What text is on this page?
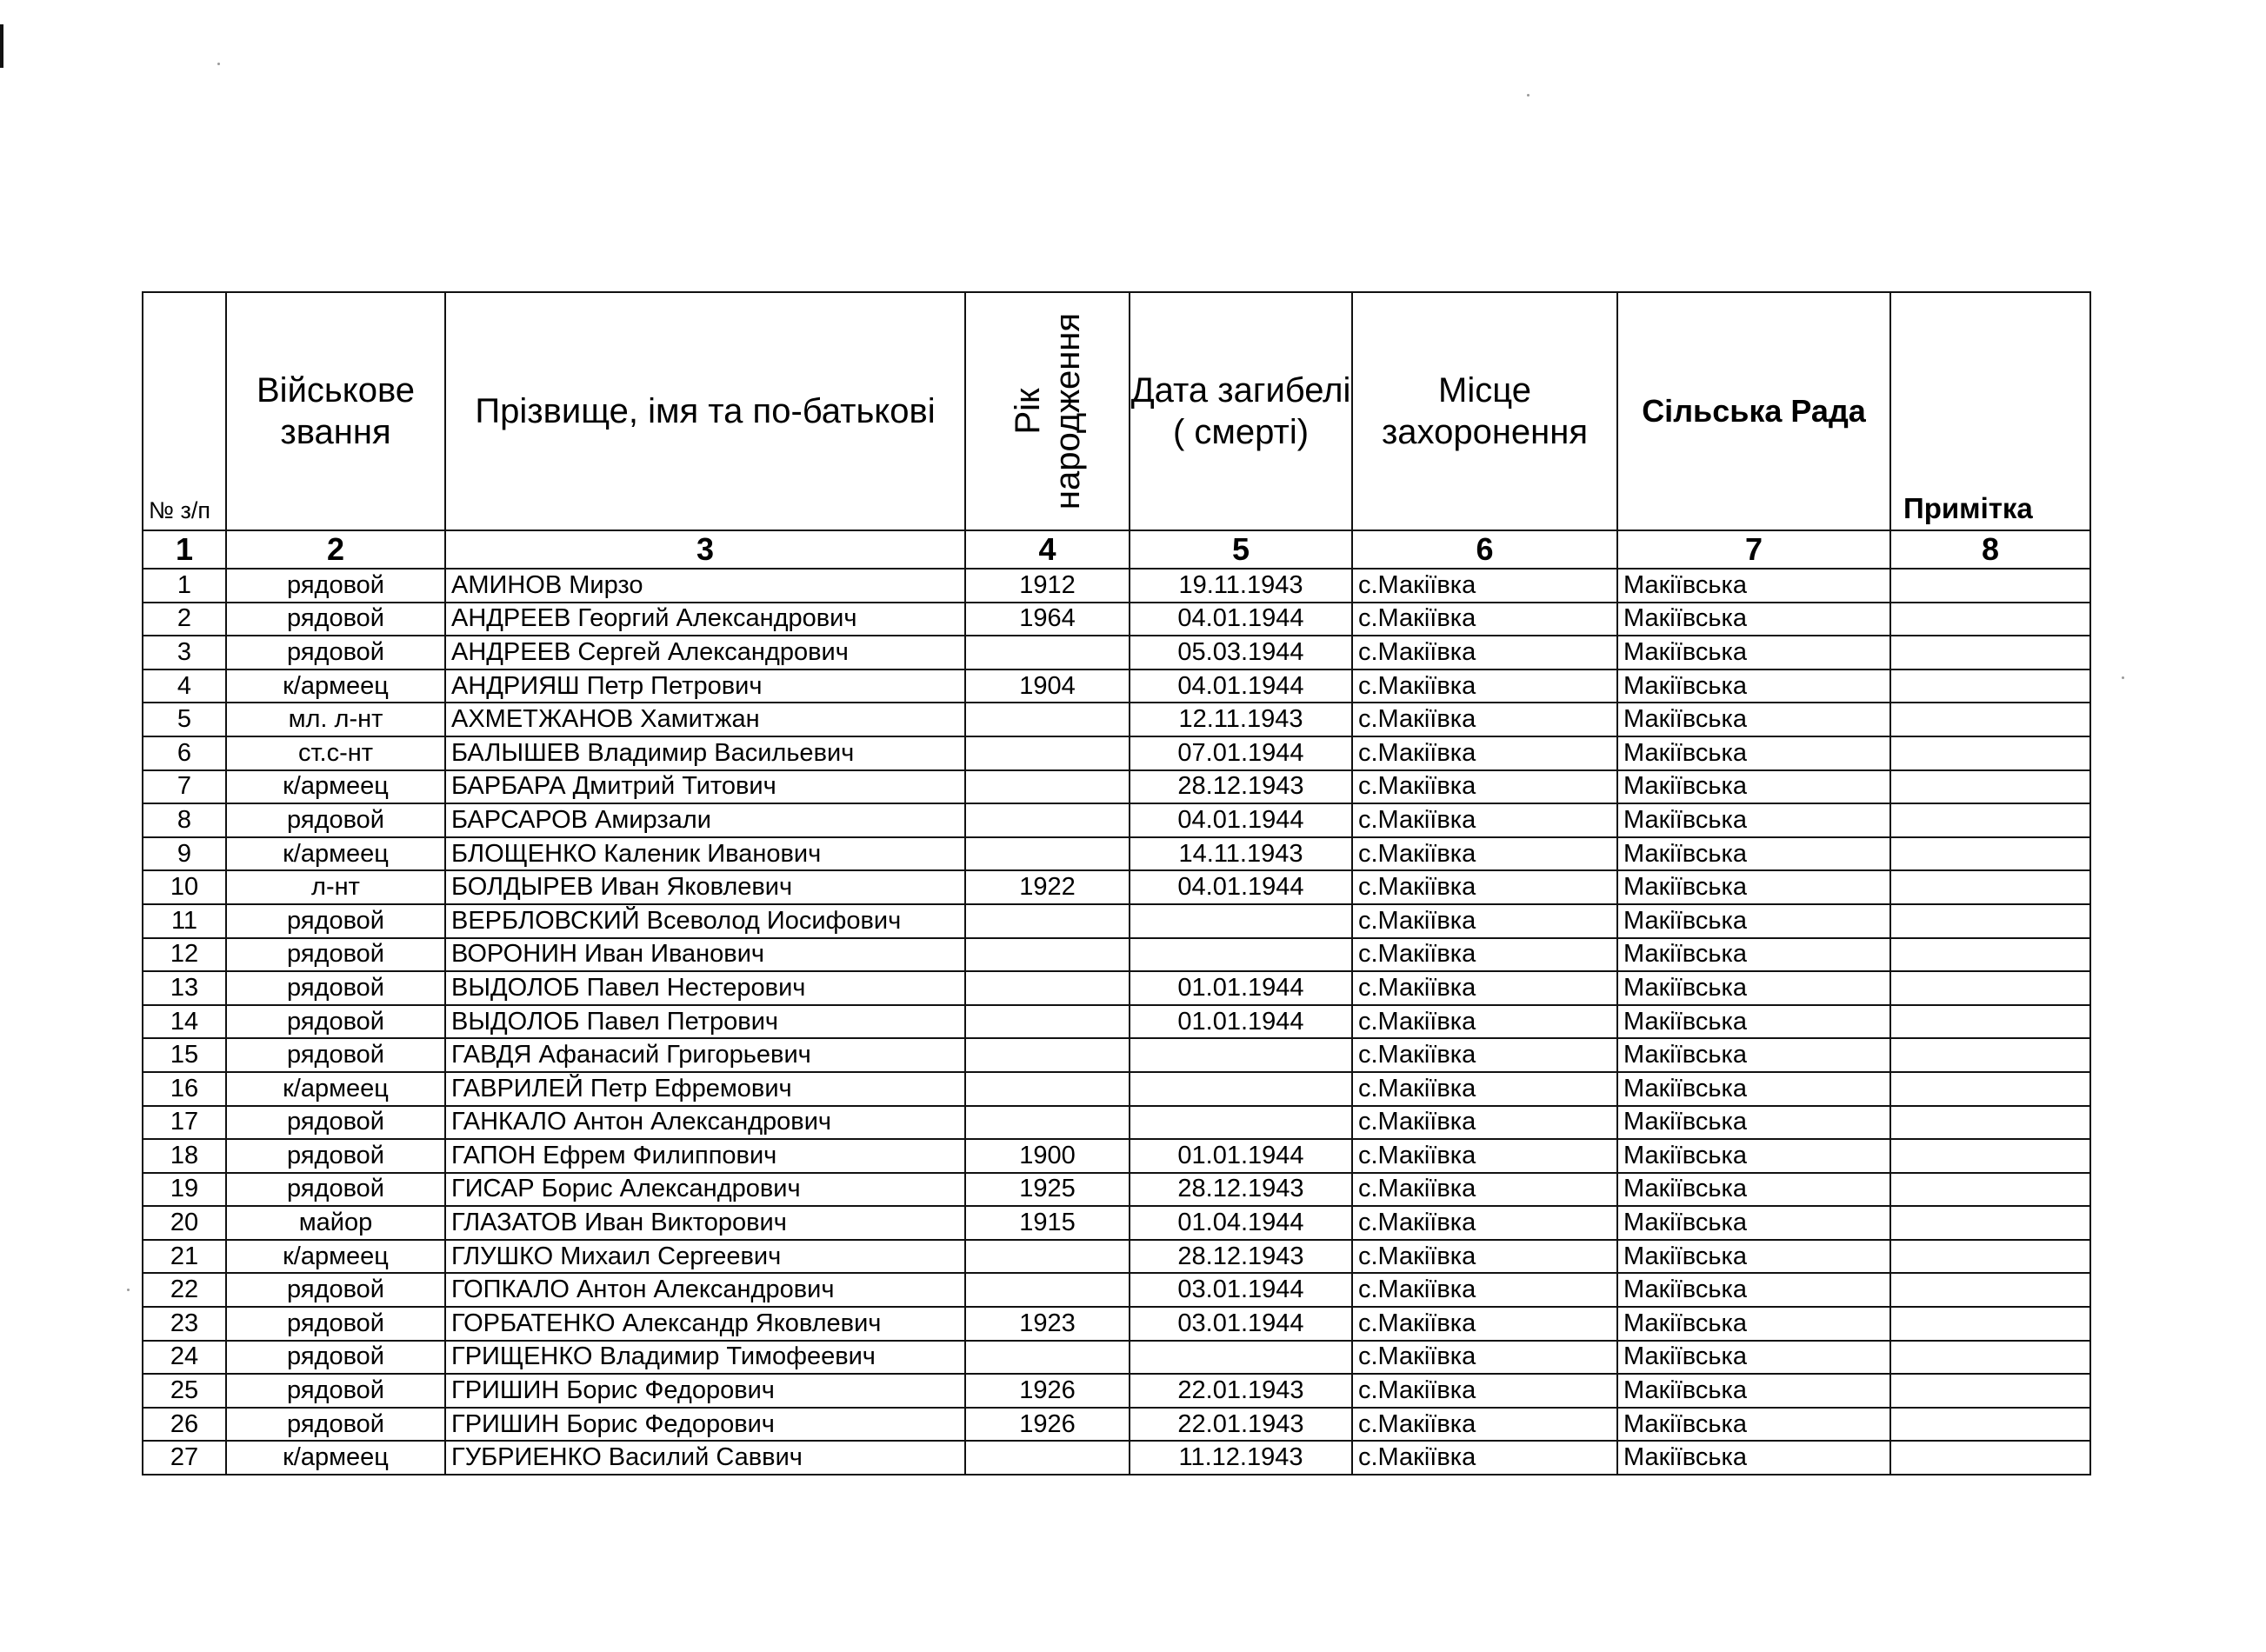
№ з/п	Військове звання	Прізвище, імя та по-батькові	Рік народження	Дата загибелі ( смерті)	Місце захоронення	Сільська Рада	Примітка
1	2	3	4	5	6	7	8
1	рядовой	АМИНОВ Мирзо	1912	19.11.1943	с.Макіївка	Макіївська	
2	рядовой	АНДРЕЕВ Георгий Александрович	1964	04.01.1944	с.Макіївка	Макіївська	
3	рядовой	АНДРЕЕВ Сергей Александрович		05.03.1944	с.Макіївка	Макіївська	
4	к/армеец	АНДРИЯШ Петр Петрович	1904	04.01.1944	с.Макіївка	Макіївська	
5	мл. л-нт	АХМЕТЖАНОВ Хамитжан		12.11.1943	с.Макіївка	Макіївська	
6	ст.с-нт	БАЛЫШЕВ Владимир Васильевич		07.01.1944	с.Макіївка	Макіївська	
7	к/армеец	БАРБАРА Дмитрий Титович		28.12.1943	с.Макіївка	Макіївська	
8	рядовой	БАРСАРОВ Амирзали		04.01.1944	с.Макіївка	Макіївська	
9	к/армеец	БЛОЩЕНКО Каленик Иванович		14.11.1943	с.Макіївка	Макіївська	
10	л-нт	БОЛДЫРЕВ Иван Яковлевич	1922	04.01.1944	с.Макіївка	Макіївська	
11	рядовой	ВЕРБЛОВСКИЙ Всеволод Иосифович			с.Макіївка	Макіївська	
12	рядовой	ВОРОНИН Иван Иванович			с.Макіївка	Макіївська	
13	рядовой	ВЫДОЛОБ Павел Нестерович		01.01.1944	с.Макіївка	Макіївська	
14	рядовой	ВЫДОЛОБ Павел Петрович		01.01.1944	с.Макіївка	Макіївська	
15	рядовой	ГАВДЯ Афанасий Григорьевич			с.Макіївка	Макіївська	
16	к/армеец	ГАВРИЛЕЙ Петр Ефремович			с.Макіївка	Макіївська	
17	рядовой	ГАНКАЛО Антон Александрович			с.Макіївка	Макіївська	
18	рядовой	ГАПОН Ефрем Филиппович	1900	01.01.1944	с.Макіївка	Макіївська	
19	рядовой	ГИСАР Борис Александрович	1925	28.12.1943	с.Макіївка	Макіївська	
20	майор	ГЛАЗАТОВ Иван Викторович	1915	01.04.1944	с.Макіївка	Макіївська	
21	к/армеец	ГЛУШКО Михаил Сергеевич		28.12.1943	с.Макіївка	Макіївська	
22	рядовой	ГОПКАЛО Антон Александрович		03.01.1944	с.Макіївка	Макіївська	
23	рядовой	ГОРБАТЕНКО Александр Яковлевич	1923	03.01.1944	с.Макіївка	Макіївська	
24	рядовой	ГРИЩЕНКО Владимир Тимофеевич			с.Макіївка	Макіївська	
25	рядовой	ГРИШИН Борис Федорович	1926	22.01.1943	с.Макіївка	Макіївська	
26	рядовой	ГРИШИН Борис Федорович	1926	22.01.1943	с.Макіївка	Макіївська	
27	к/армеец	ГУБРИЕНКО Василий Саввич		11.12.1943	с.Макіївка	Макіївська	
